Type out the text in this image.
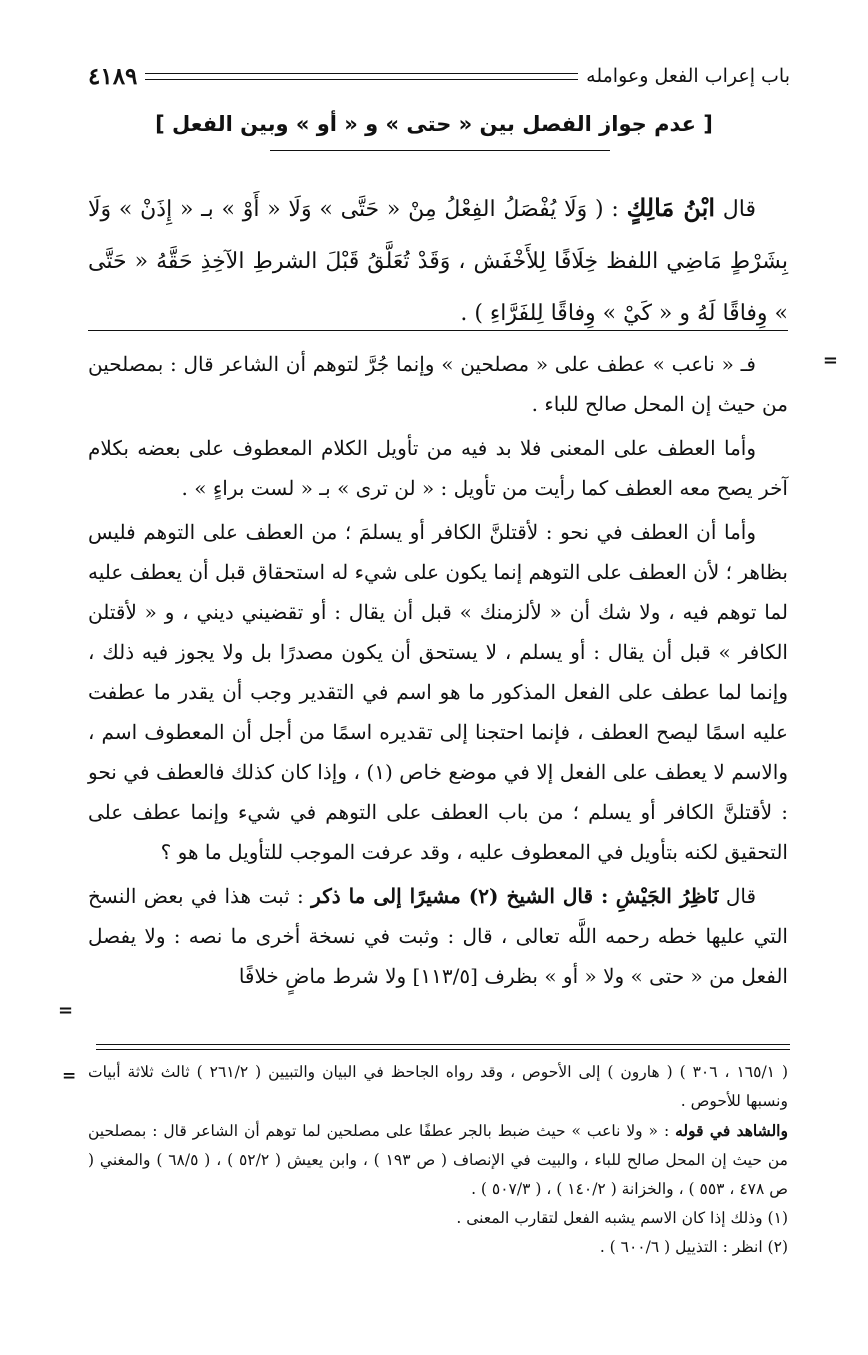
باب إعراب الفعل وعوامله
٤١٨٩
[ عدم جواز الفصل بين « حتى » و « أو » وبين الفعل ]

قال ابْنُ مَالِكٍ : ( وَلَا يُفْصَلُ الفِعْلُ مِنْ « حَتَّى » وَلَا « أَوْ » بـ « إِذَنْ » وَلَا بِشَرْطٍ مَاضِي اللفظ خِلَافًا لِلأَخْفَش ، وَقَدْ تُعَلَّقُ قَبْلَ الشرطِ الآخِذِ حَقَّهُ « حَتَّى » وِفاقًا لَهُ و « كَيْ » وِفاقًا لِلفَرَّاءِ ) .

=

فـ « ناعب » عطف على « مصلحين » وإنما جُرَّ لتوهم أن الشاعر قال : بمصلحين من حيث إن المحل صالح للباء .

وأما العطف على المعنى فلا بد فيه من تأويل الكلام المعطوف على بعضه بكلام آخر يصح معه العطف كما رأيت من تأويل : « لن ترى » بـ « لست براءٍ » .

وأما أن العطف في نحو : لأقتلنَّ الكافر أو يسلمَ ؛ من العطف على التوهم فليس بظاهر ؛ لأن العطف على التوهم إنما يكون على شيء له استحقاق قبل أن يعطف عليه لما توهم فيه ، ولا شك أن « لألزمنك » قبل أن يقال : أو تقضيني ديني ، و « لأقتلن الكافر » قبل أن يقال : أو يسلم ، لا يستحق أن يكون مصدرًا بل ولا يجوز فيه ذلك ، وإنما لما عطف على الفعل المذكور ما هو اسم في التقدير وجب أن يقدر ما عطفت عليه اسمًا ليصح العطف ، فإنما احتجنا إلى تقديره اسمًا من أجل أن المعطوف اسم ، والاسم لا يعطف على الفعل إلا في موضع خاص (١) ، وإذا كان كذلك فالعطف في نحو : لأقتلنَّ الكافر أو يسلم ؛ من باب العطف على التوهم في شيء وإنما عطف على التحقيق لكنه بتأويل في المعطوف عليه ، وقد عرفت الموجب للتأويل ما هو ؟

قال نَاظِرُ الجَيْشِ : قال الشيخ (٢) مشيرًا إلى ما ذكر : ثبت هذا في بعض النسخ التي عليها خطه رحمه اللَّه تعالى ، قال : وثبت في نسخة أخرى ما نصه : ولا يفصل الفعل من « حتى » ولا « أو » بظرف [١١٣/٥] ولا شرط ماضٍ خلافًا

=
= ( ١٦٥/١ ، ٣٠٦ ) ( هارون ) إلى الأحوص ، وقد رواه الجاحظ في البيان والتبيين ( ٢٦١/٢ ) ثالث ثلاثة أبيات ونسبها للأحوص .

والشاهد في قوله : « ولا ناعب » حيث ضبط بالجر عطفًا على مصلحين لما توهم أن الشاعر قال : بمصلحين من حيث إن المحل صالح للباء ، والبيت في الإنصاف ( ص ١٩٣ ) ، وابن يعيش ( ٥٢/٢ ) ، ( ٦٨/٥ ) والمغني ( ص ٤٧٨ ، ٥٥٣ ) ، والخزانة ( ١٤٠/٢ ) ، ( ٥٠٧/٣ ) .

(١) وذلك إذا كان الاسم يشبه الفعل لتقارب المعنى .

(٢) انظر : التذييل ( ٦٠٠/٦ ) .
